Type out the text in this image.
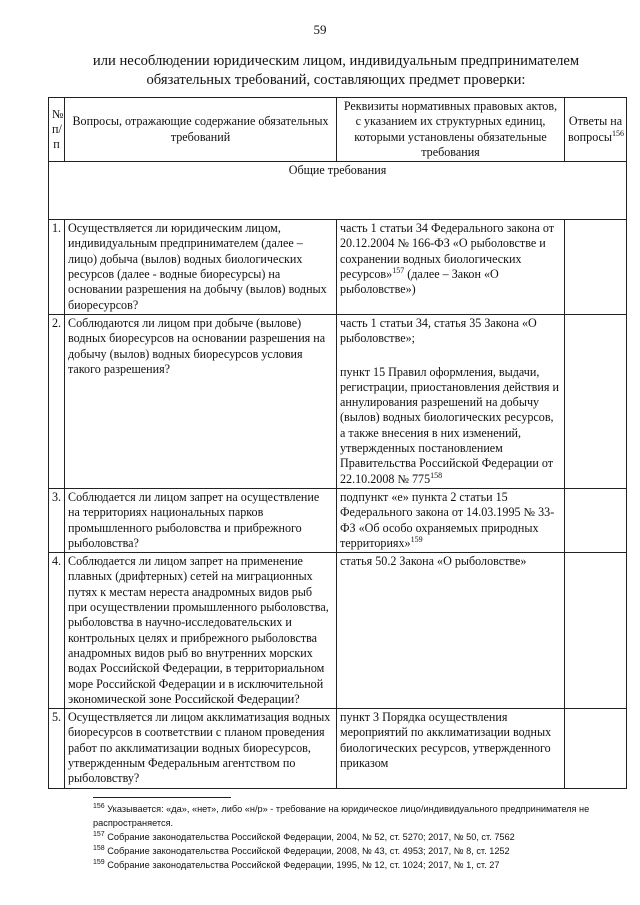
59
или несоблюдении юридическим лицом, индивидуальным предпринимателем обязательных требований, составляющих предмет проверки:
№ п/п	Вопросы, отражающие содержание обязательных требований	Реквизиты нормативных правовых актов, с указанием их структурных единиц, которыми установлены обязательные требования	Ответы на вопросы$^{156}$
Общие требования			
1.	Осуществляется ли юридическим лицом, индивидуальным предпринимателем (далее – лицо) добыча (вылов) водных биологических ресурсов (далее - водные биоресурсы) на основании разрешения на добычу (вылов) водных биоресурсов?	часть 1 статьи 34 Федерального закона от 20.12.2004 № 166-ФЗ «О рыболовстве и сохранении водных биологических ресурсов»$^{157}$ (далее – Закон «О рыболовстве»)	
2.	Соблюдаются ли лицом при добыче (вылове) водных биоресурсов на основании разрешения на добычу (вылов) водных биоресурсов условия такого разрешения?	часть 1 статьи 34, статья 35 Закона «О рыболовстве»;
пункт 15 Правил оформления, выдачи, регистрации, приостановления действия и аннулирования разрешений на добычу (вылов) водных биологических ресурсов, а также внесения в них изменений, утвержденных постановлением Правительства Российской Федерации от 22.10.2008 № $775^{158}$

3.	Соблюдается ли лицом запрет на осуществление на территориях национальных парков промышленного рыболовства и прибрежного рыболовства?	подпункт «е» пункта 2 статьи 15 Федерального закона от 14.03.1995 № 33-ФЗ «Об особо охраняемых природных территориях»$^{159}$	
4.	Соблюдается ли лицом запрет на применение плавных (дрифтерных) сетей на миграционных путях к местам нереста анадромных видов рыб при осуществлении промышленного рыболовства, рыболовства в научно-исследовательских и контрольных целях и прибрежного рыболовства анадромных видов рыб во внутренних морских водах Российской Федерации, в территориальном море Российской Федерации и в исключительной экономической зоне Российской Федерации?	статья 50.2 Закона «О рыболовстве»	
5.	Осуществляется ли лицом акклиматизация водных биоресурсов в соответствии с планом проведения работ по акклиматизации водных биоресурсов, утвержденным Федеральным агентством по рыболовству?	пункт 3 Порядка осуществления мероприятий по акклиматизации водных биологических ресурсов, утвержденного приказом	

$^{156}$ Указывается: «да», «нет», либо «н/р» - требование на юридическое лицо/индивидуального предпринимателя не распространяется.

$^{157}$ Собрание законодательства Российской Федерации, 2004, № 52, ст. 5270; 2017, № 50, ст. 7562

$^{158}$ Собрание законодательства Российской Федерации, 2008, № 43, ст. 4953; 2017, № 8, ст. 1252

$^{159}$ Собрание законодательства Российской Федерации, 1995, № 12, ст. 1024; 2017, № 1, ст. 27
